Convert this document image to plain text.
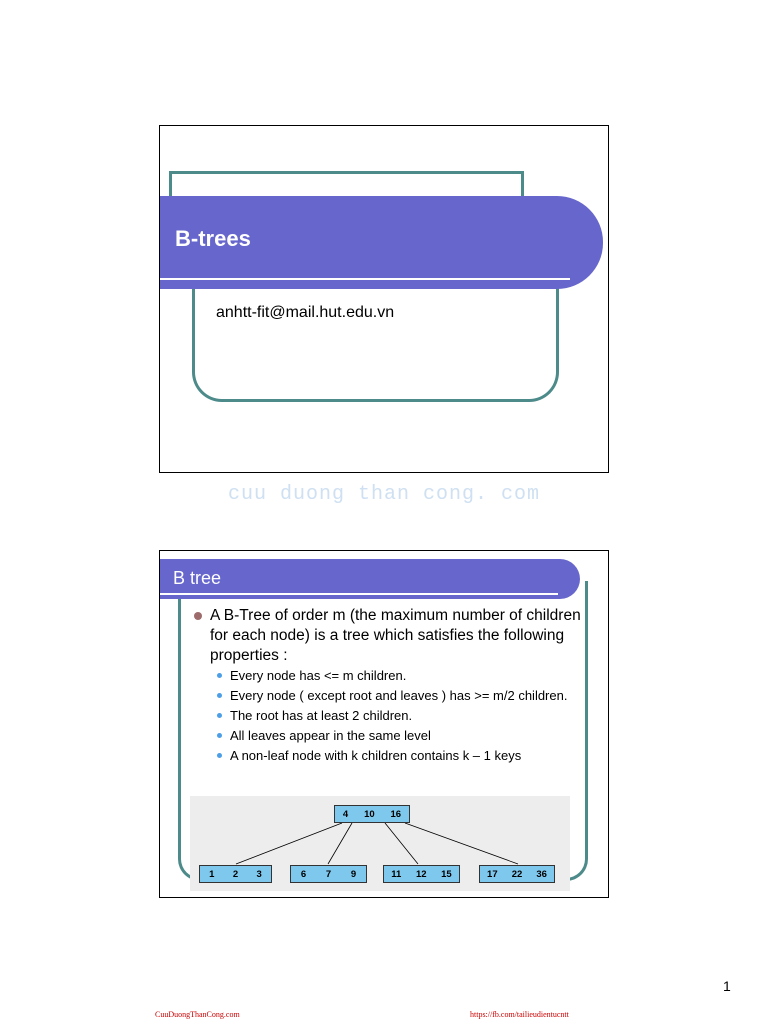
B-trees
anhtt-fit@mail.hut.edu.vn
cuu duong than cong. com
B tree
A B-Tree of order m (the maximum number of children for each node) is a tree which satisfies the following properties :
Every node has <= m children.
Every node ( except root and leaves ) has >= m/2 children.
The root has at least 2 children.
All leaves appear in the same level
A non-leaf node with k children contains k – 1 keys
4 10 16
1 2 3	6 7 9	11 12 15	17 22 36
1
CuuDuongThanCong.com	https://fb.com/tailieudientucntt
